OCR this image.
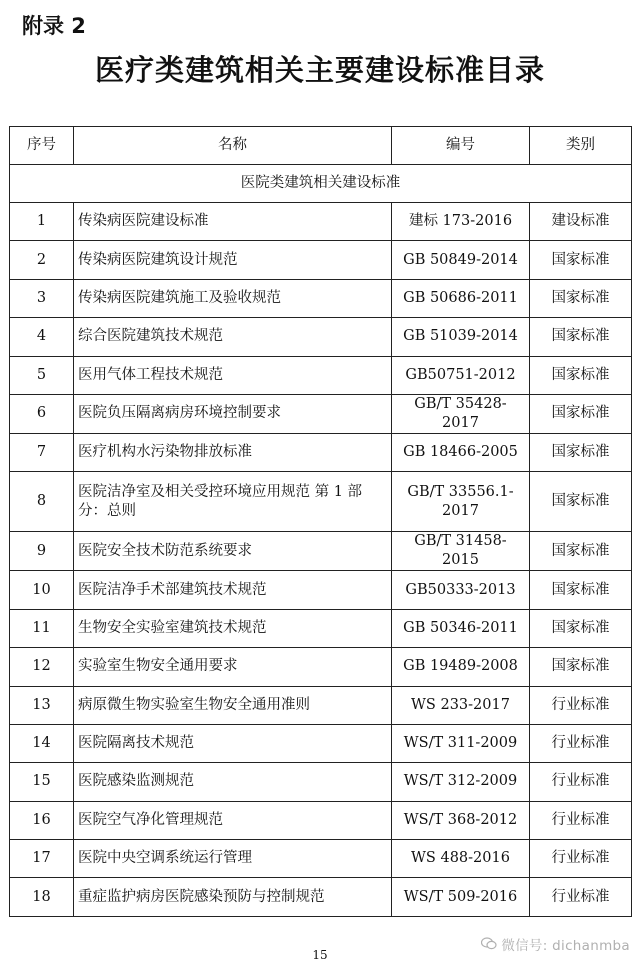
附录 2
医疗类建筑相关主要建设标准目录
序号	名称	编号	类别
医院类建筑相关建设标准			
1	传染病医院建设标准	建标 173-2016	建设标准
2	传染病医院建筑设计规范	GB 50849-2014	国家标准
3	传染病医院建筑施工及验收规范	GB 50686-2011	国家标准
4	综合医院建筑技术规范	GB 51039-2014	国家标准
5	医用气体工程技术规范	GB50751-2012	国家标准
6	医院负压隔离病房环境控制要求	GB/T 35428-2017	国家标准
7	医疗机构水污染物排放标准	GB 18466-2005	国家标准
8	医院洁净室及相关受控环境应用规范 第 1 部分：总则	GB/T 33556.1-2017	国家标准
9	医院安全技术防范系统要求	GB/T 31458-2015	国家标准
10	医院洁净手术部建筑技术规范	GB50333-2013	国家标准
11	生物安全实验室建筑技术规范	GB 50346-2011	国家标准
12	实验室生物安全通用要求	GB 19489-2008	国家标准
13	病原微生物实验室生物安全通用准则	WS 233-2017	行业标准
14	医院隔离技术规范	WS/T 311-2009	行业标准
15	医院感染监测规范	WS/T 312-2009	行业标准
16	医院空气净化管理规范	WS/T 368-2012	行业标准
17	医院中央空调系统运行管理	WS 488-2016	行业标准
18	重症监护病房医院感染预防与控制规范	WS/T 509-2016	行业标准
15
微信号: dichanmba
